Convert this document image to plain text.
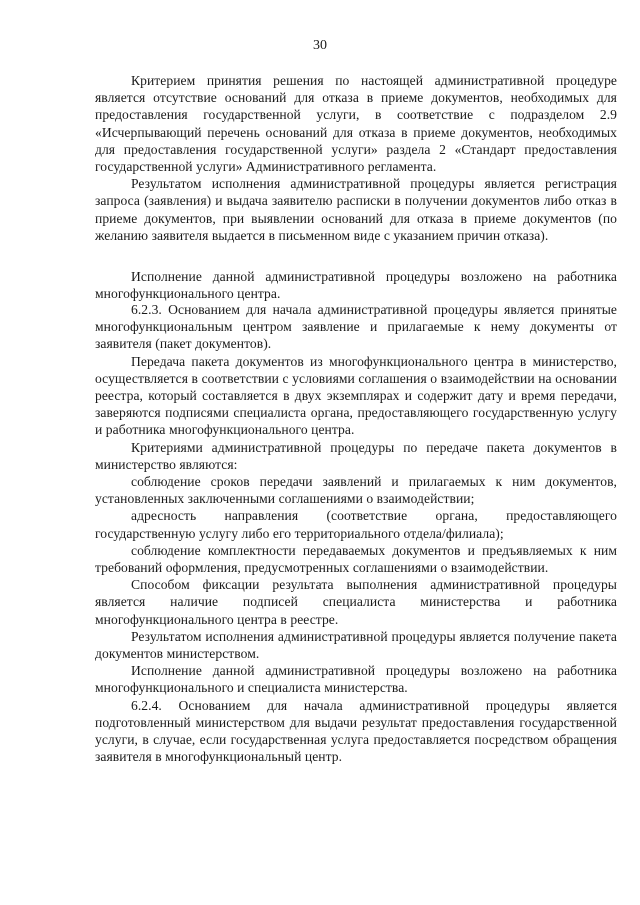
30

Критерием принятия решения по настоящей административной процедуре является отсутствие оснований для отказа в приеме документов, необходимых для предоставления государственной услуги, в соответствие с подразделом 2.9 «Исчерпывающий перечень оснований для отказа в приеме документов, необходимых для предоставления государственной услуги» раздела 2 «Стандарт предоставления государственной услуги» Административного регламента.

Результатом исполнения административной процедуры является регистрация запроса (заявления) и выдача заявителю расписки в получении документов либо отказ в приеме документов, при выявлении оснований для отказа в приеме документов (по желанию заявителя выдается в письменном виде с указанием причин отказа).

Исполнение данной административной процедуры возложено на работника многофункционального центра.

6.2.3. Основанием для начала административной процедуры является принятые многофункциональным центром заявление и прилагаемые к нему документы от заявителя (пакет документов).

Передача пакета документов из многофункционального центра в министерство, осуществляется в соответствии с условиями соглашения о взаимодействии на основании реестра, который составляется в двух экземплярах и содержит дату и время передачи, заверяются подписями специалиста органа, предоставляющего государственную услугу и работника многофункционального центра.

Критериями административной процедуры по передаче пакета документов в министерство являются:

соблюдение сроков передачи заявлений и прилагаемых к ним документов, установленных заключенными соглашениями о взаимодействии;

адресность направления (соответствие органа, предоставляющего государственную услугу либо его территориального отдела/филиала);

соблюдение комплектности передаваемых документов и предъявляемых к ним требований оформления, предусмотренных соглашениями о взаимодействии.

Способом фиксации результата выполнения административной процедуры является наличие подписей специалиста министерства и работника многофункционального центра в реестре.

Результатом исполнения административной процедуры является получение пакета документов министерством.

Исполнение данной административной процедуры возложено на работника многофункционального и специалиста министерства.

6.2.4. Основанием для начала административной процедуры является подготовленный министерством для выдачи результат предоставления государственной услуги, в случае, если государственная услуга предоставляется посредством обращения заявителя в многофункциональный центр.
